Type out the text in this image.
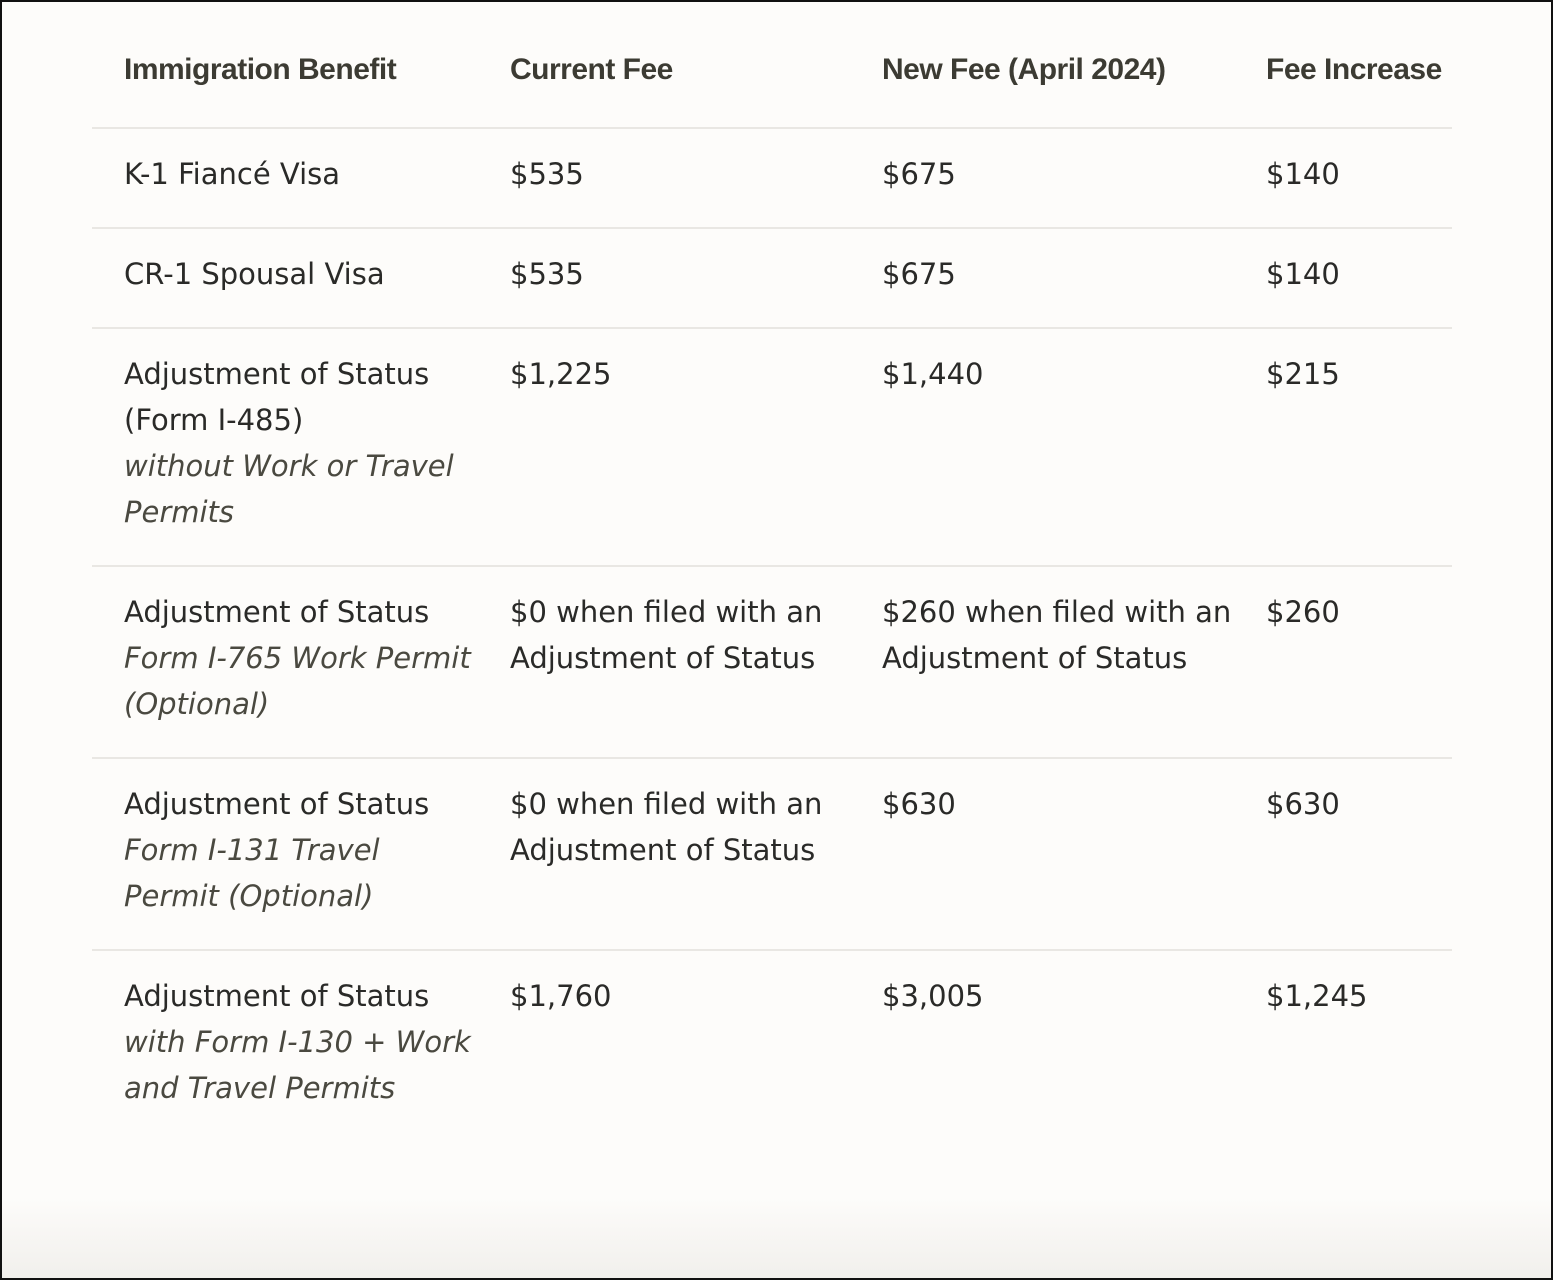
Immigration Benefit	Current Fee	New Fee (April 2024)	Fee Increase

K-1 Fiancé Visa	$535	$675	$140

CR-1 Spousal Visa	$535	$675	$140

Adjustment of Status (Form I-485)
without Work or Travel Permits	$1,225	$1,440	$215

Adjustment of Status
Form I-765 Work Permit (Optional)	$0 when filed with an Adjustment of Status	$260 when filed with an Adjustment of Status	$260

Adjustment of Status
Form I-131 Travel Permit (Optional)	$0 when filed with an Adjustment of Status	$630	$630

Adjustment of Status
with Form I-130 + Work and Travel Permits	$1,760	$3,005	$1,245
